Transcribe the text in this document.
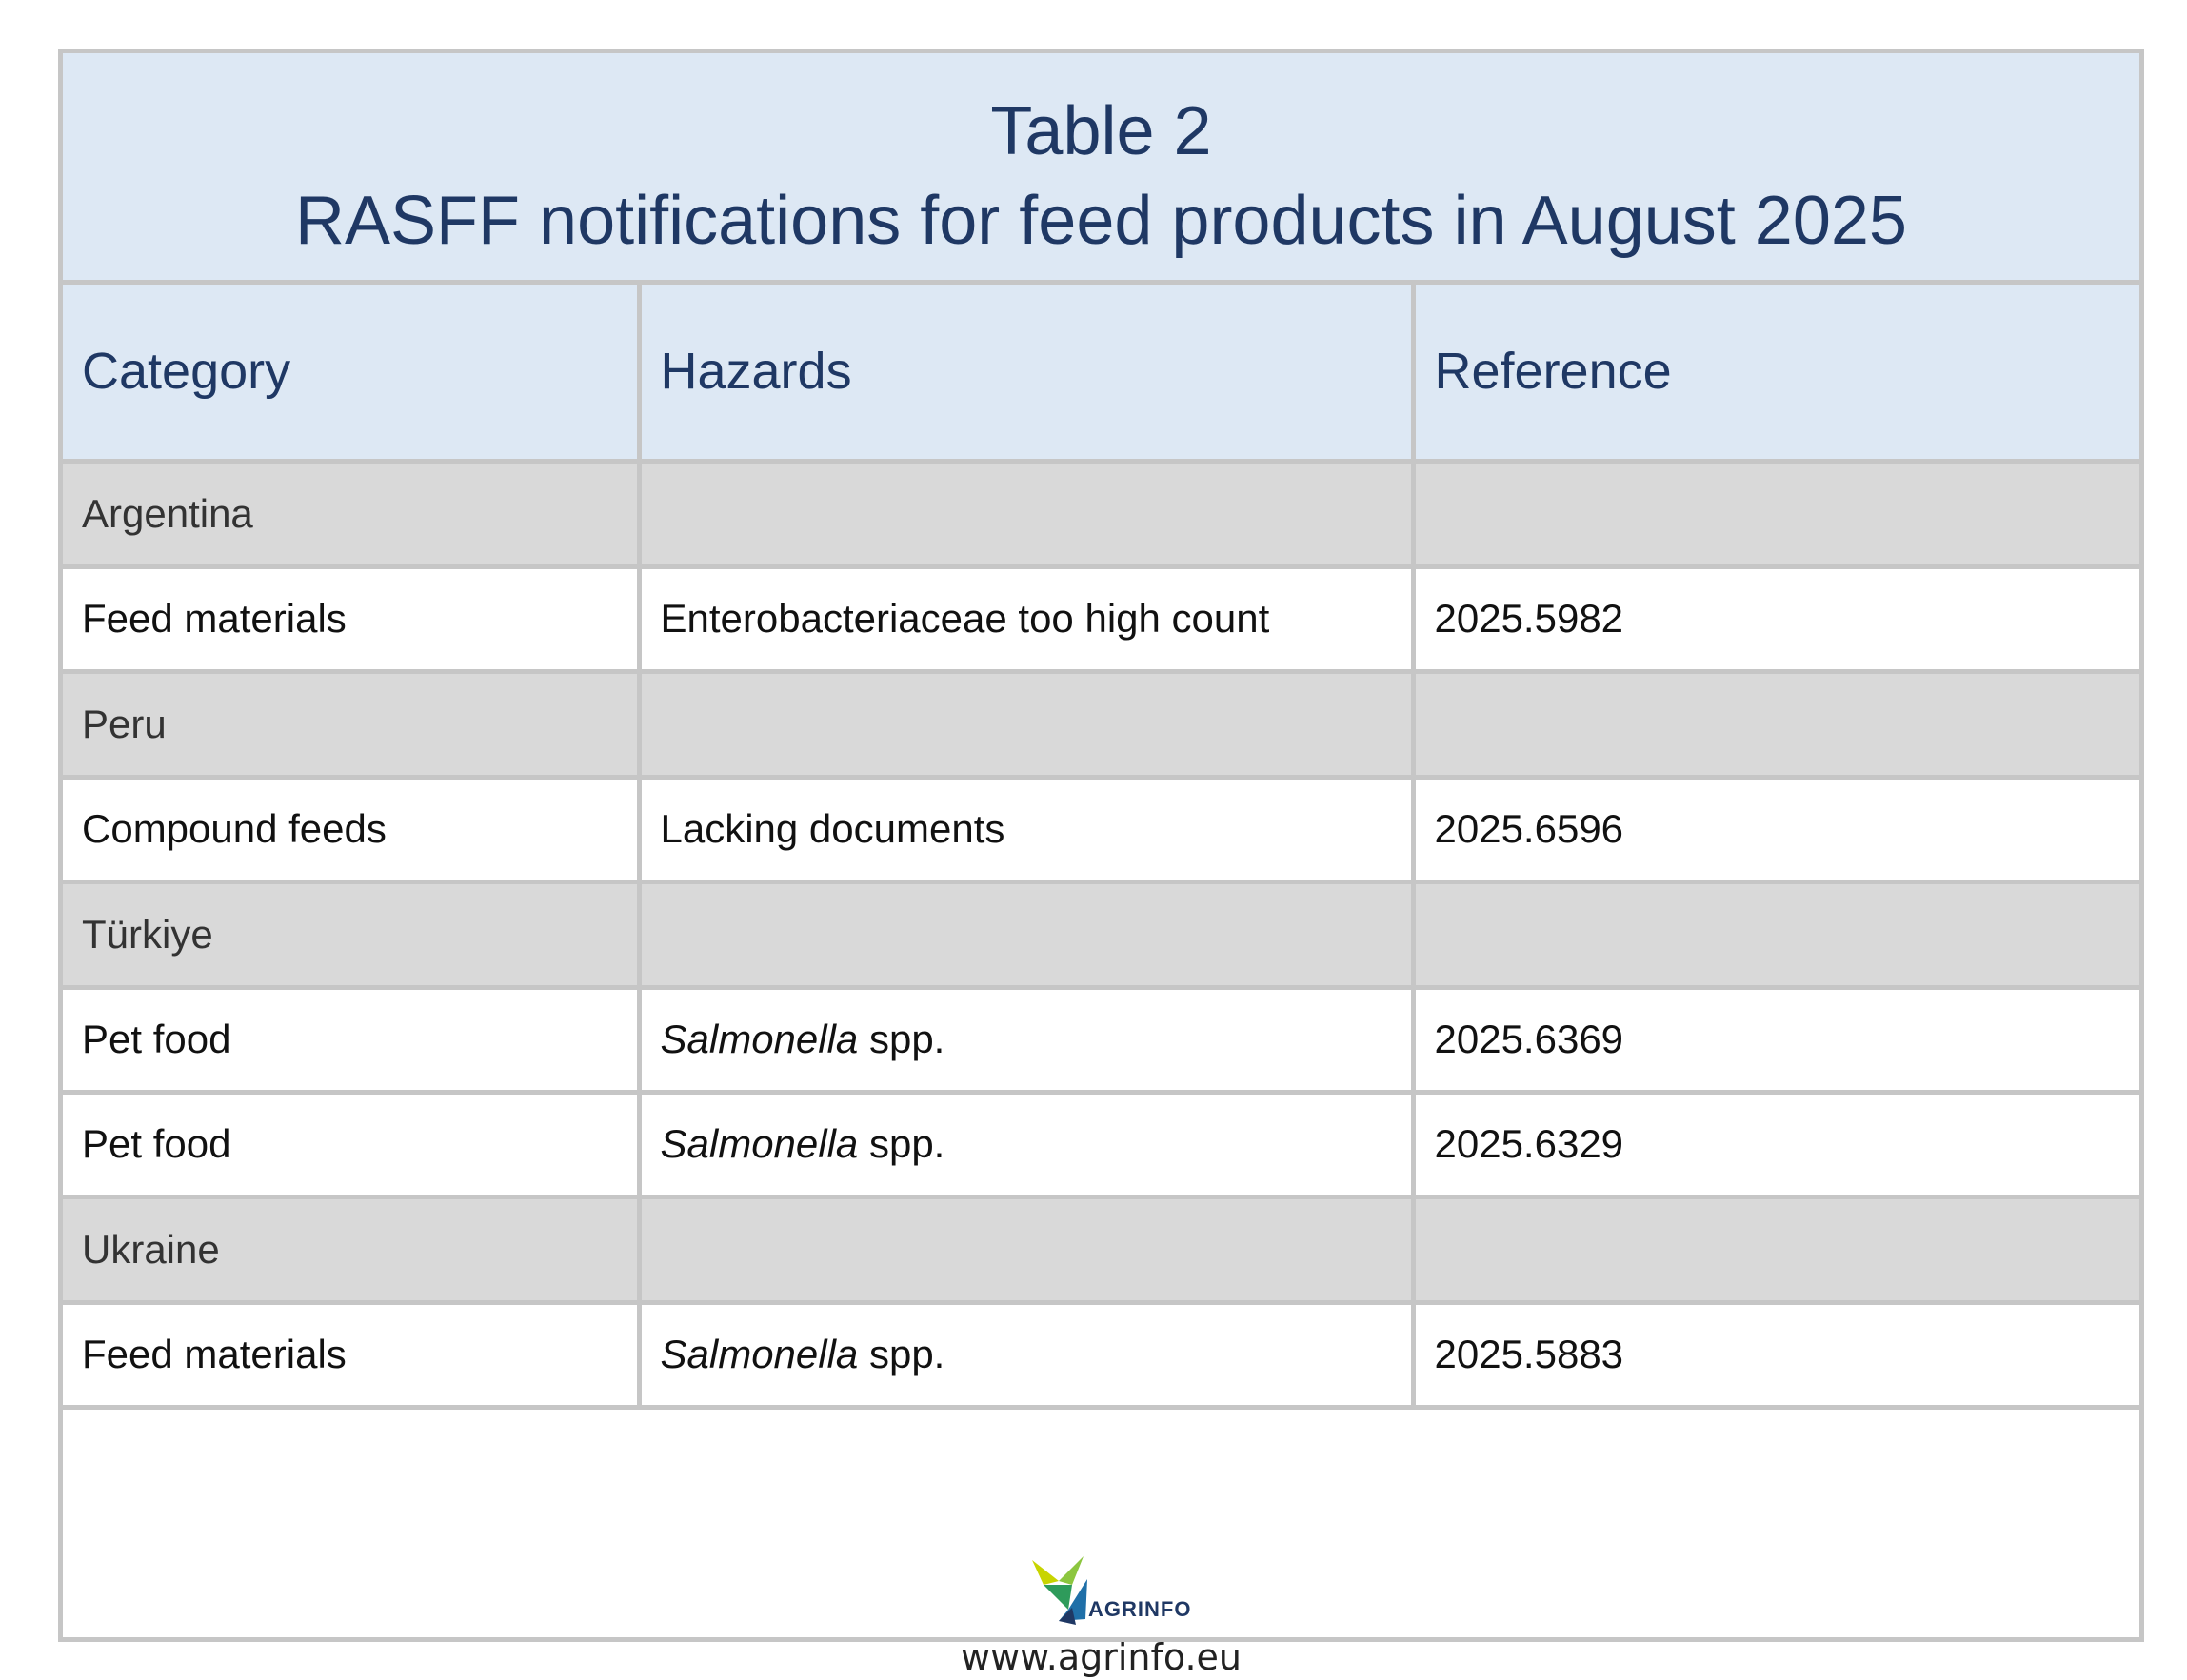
Table 2
RASFF notifications for feed products in August 2025
Category	Hazards	Reference
Argentina		
Feed materials	Enterobacteriaceae too high count	2025.5982
Peru		
Compound feeds	Lacking documents	2025.6596
Türkiye		
Pet food	Salmonella spp.	2025.6369
Pet food	Salmonella spp.	2025.6329
Ukraine		
Feed materials	Salmonella spp.	2025.5883
AGRINFO
www.agrinfo.eu
